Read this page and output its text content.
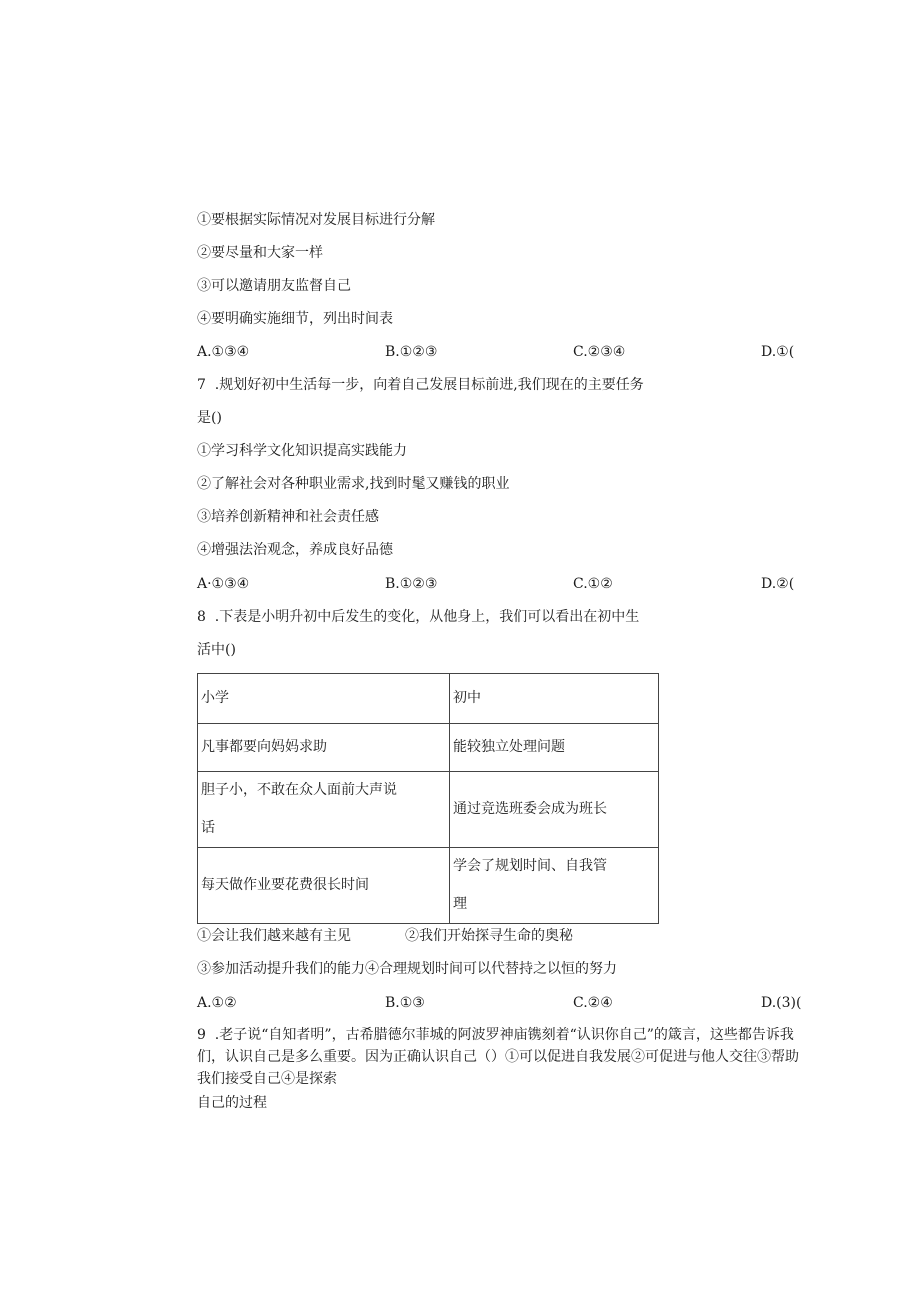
①要根据实际情况对发展目标进行分解
②要尽量和大家一样
③可以邀请朋友监督自己
④要明确实施细节，列出时间表
A.①③④	B.①②③	C.②③④	D.①(
7  .规划好初中生活每一步，向着自己发展目标前进,我们现在的主要任务
是()
①学习科学文化知识提高实践能力
②了解社会对各种职业需求,找到时髦又赚钱的职业
③培养创新精神和社会责任感
④增强法治观念，养成良好品德
A·①③④	B.①②③	C.①②	D.②(
8  .下表是小明升初中后发生的变化，从他身上，我们可以看出在初中生
活中()
小学	初中
凡事都要向妈妈求助	能较独立处理问题
胆子小，不敢在众人面前大声说	通过竞选班委会成为班长
话	
每天做作业要花费很长时间	学会了规划时间、自我管
	理
①会让我们越来越有主见	②我们开始探寻生命的奥秘
③参加活动提升我们的能力④合理规划时间可以代替持之以恒的努力
A.①②	B.①③	C.②④	D.(3)(
9  .老子说“自知者明”，古希腊德尔菲城的阿波罗神庙镌刻着“认识你自己”的箴言，这些都告诉我们，认识自己是多么重要。因为正确认识自己（）①可以促进自我发展②可促进与他人交往③帮助我们接受自己④是探索
自己的过程
